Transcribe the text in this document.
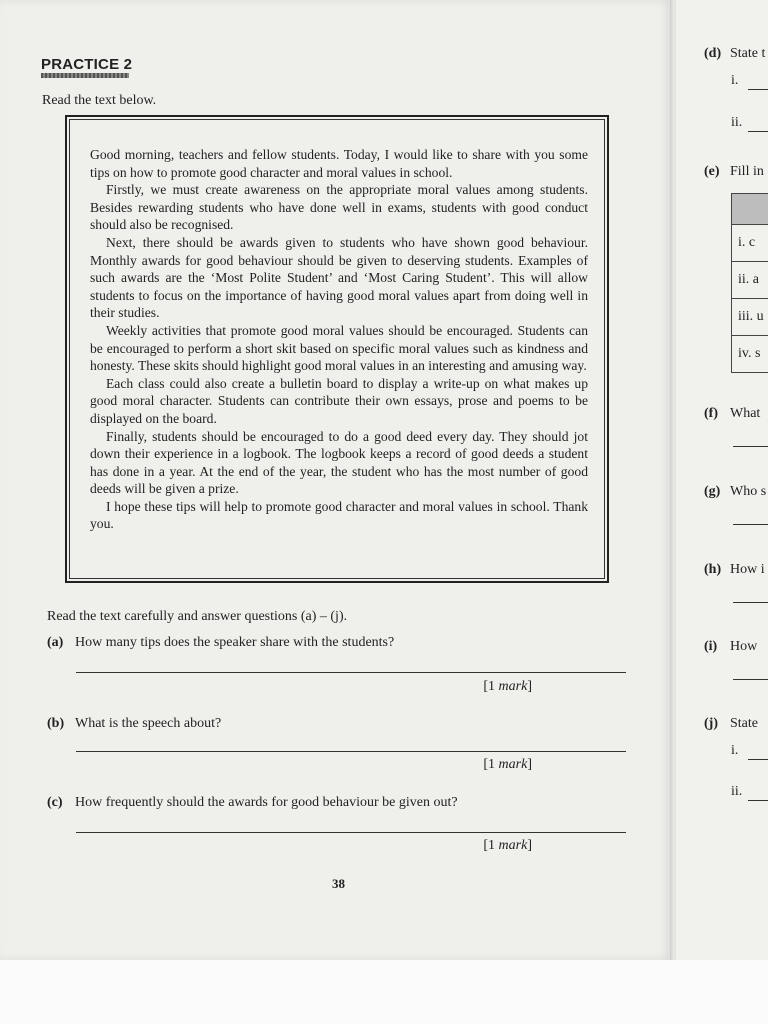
PRACTICE 2
Read the text below.

Good morning, teachers and fellow students. Today, I would like to share with you some tips on how to promote good character and moral values in school.

Firstly, we must create awareness on the appropriate moral values among students. Besides rewarding students who have done well in exams, students with good conduct should also be recognised.

Next, there should be awards given to students who have shown good behaviour. Monthly awards for good behaviour should be given to deserving students. Examples of such awards are the ‘Most Polite Student’ and ‘Most Caring Student’. This will allow students to focus on the importance of having good moral values apart from doing well in their studies.

Weekly activities that promote good moral values should be encouraged. Students can be encouraged to perform a short skit based on specific moral values such as kindness and honesty. These skits should highlight good moral values in an interesting and amusing way.

Each class could also create a bulletin board to display a write-up on what makes up good moral character. Students can contribute their own essays, prose and poems to be displayed on the board.

Finally, students should be encouraged to do a good deed every day. They should jot down their experience in a logbook. The logbook keeps a record of good deeds a student has done in a year. At the end of the year, the student who has the most number of good deeds will be given a prize.

I hope these tips will help to promote good character and moral values in school. Thank you.

Read the text carefully and answer questions (a) – (j).
(a) How many tips does the speaker share with the students?
[1 mark]
(b) What is the speech about?
[1 mark]
(c) How frequently should the awards for good behaviour be given out?
[1 mark]
38
(d) State t
i.
ii.
(e) Fill in

i. c
ii. a
iii. u
iv. s
(f) What
(g) Who s
(h) How i
(i) How
(j) State
i.
ii.
